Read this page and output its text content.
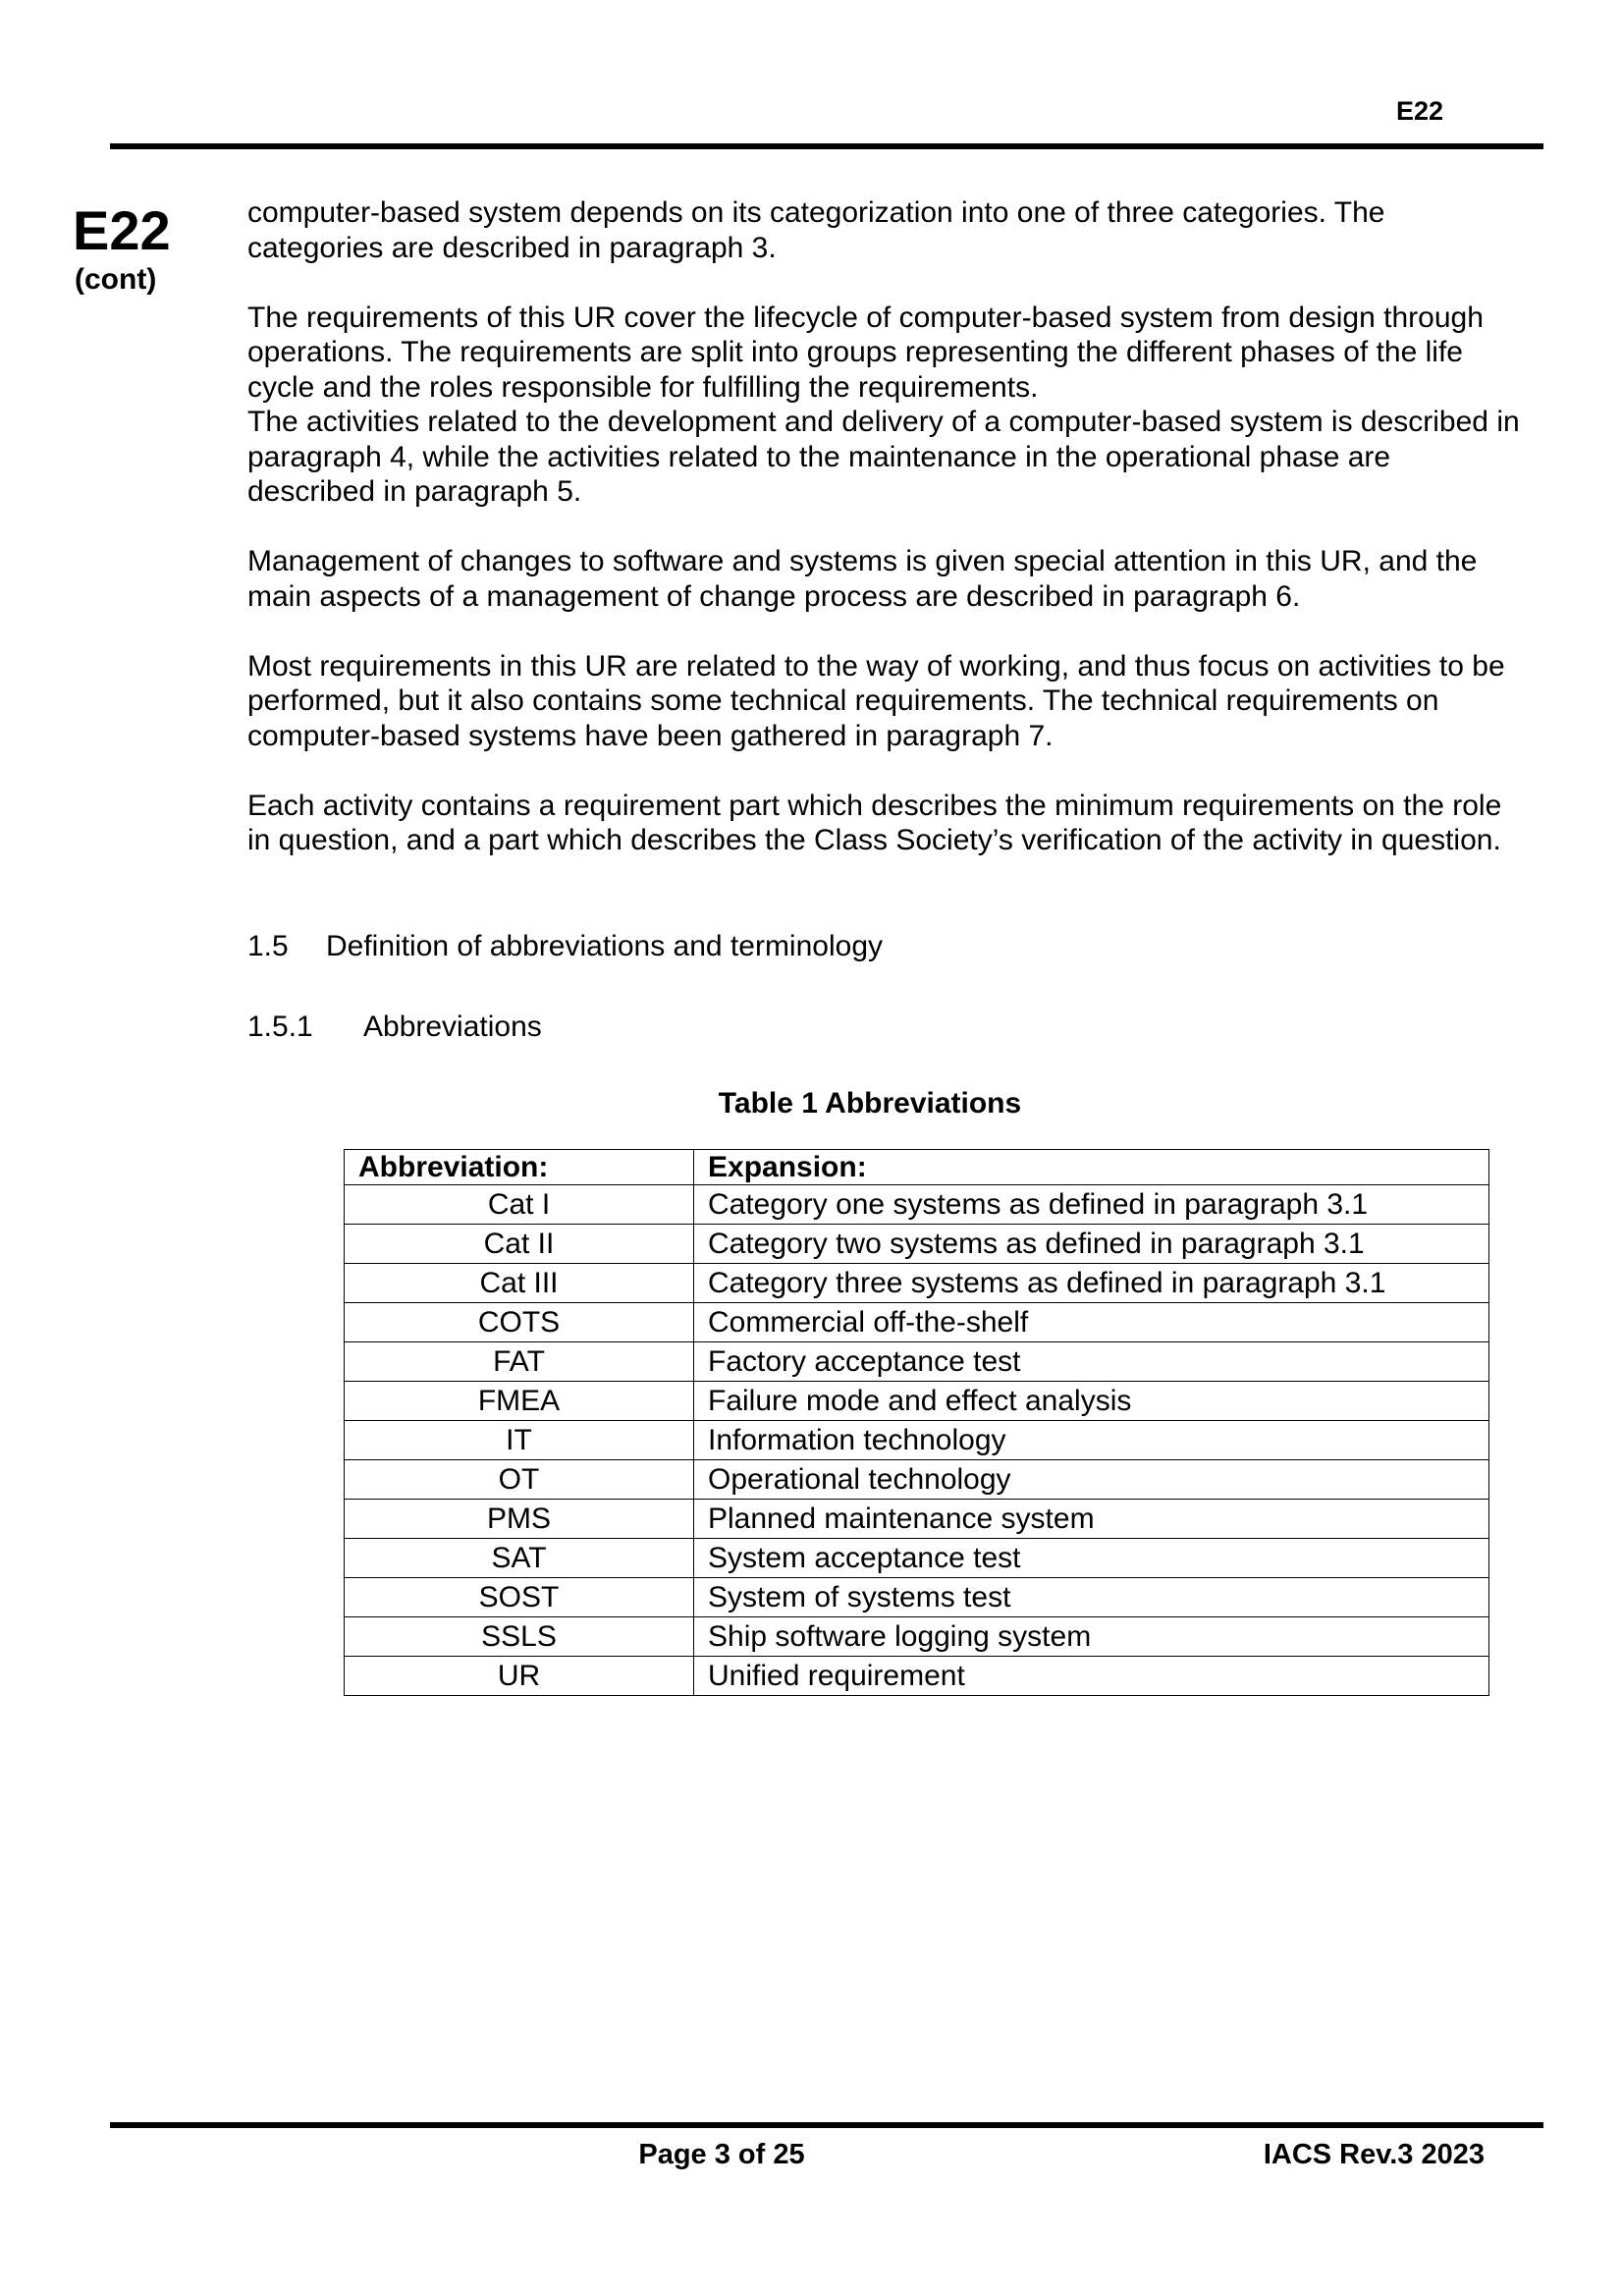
E22
E22
(cont)

computer-based system depends on its categorization into one of three categories. The categories are described in paragraph 3.

The requirements of this UR cover the lifecycle of computer-based system from design through operations. The requirements are split into groups representing the different phases of the life cycle and the roles responsible for fulfilling the requirements.

The activities related to the development and delivery of a computer-based system is described in paragraph 4, while the activities related to the maintenance in the operational phase are described in paragraph 5.

Management of changes to software and systems is given special attention in this UR, and the main aspects of a management of change process are described in paragraph 6.

Most requirements in this UR are related to the way of working, and thus focus on activities to be performed, but it also contains some technical requirements. The technical requirements on computer-based systems have been gathered in paragraph 7.

Each activity contains a requirement part which describes the minimum requirements on the role in question, and a part which describes the Class Society’s verification of the activity in question.

1.5 Definition of abbreviations and terminology
1.5.1 Abbreviations
Table 1 Abbreviations
Abbreviation:	Expansion:
Cat I	Category one systems as defined in paragraph 3.1
Cat II	Category two systems as defined in paragraph 3.1
Cat III	Category three systems as defined in paragraph 3.1
COTS	Commercial off-the-shelf
FAT	Factory acceptance test
FMEA	Failure mode and effect analysis
IT	Information technology
OT	Operational technology
PMS	Planned maintenance system
SAT	System acceptance test
SOST	System of systems test
SSLS	Ship software logging system
UR	Unified requirement
Page 3 of 25	IACS Rev.3 2023
